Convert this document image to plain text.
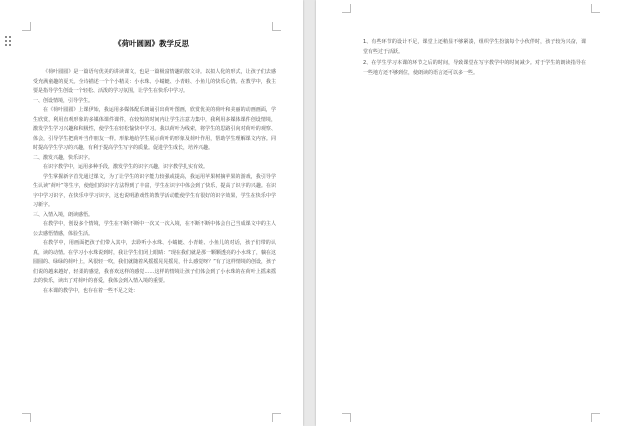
《荷叶圆圆》教学反思

《荷叶圆圆》是一篇语句优美的讲读课文，也是一篇极富情趣的散文诗。以拟人化的形式，让孩子们去感受充满童趣的夏天。全诗描述一个个小精灵：小水珠、小蜻蜓、小青蛙、小鱼儿的快乐心情。在教学中，我主要是指导学生创设一个轻松、活泼的学习氛围，让学生在快乐中学习。

一、创设情境，引导学生。

在《荷叶圆圆》上课伊始，我运用多媒体配乐朗诵引出荷叶图画，欣赏优美的荷叶和美丽的动画画面，学生欣赏，利用直观形象的多媒体课件课件，在较短的时间内让学生注意力集中，我利用多媒体课件创设情境，激发学生学习兴趣和积极性，使学生在轻松愉快中学习。我以荷叶为线索，将学生的思路引向对荷叶的观察、体会，引导学生把荷叶当作朋友一样。形象地给学生展示荷叶的形象及荷叶作用，帮助学生理解课文内容。同时提高学生学习的兴趣，有利于提高学生写字的质量。促进学生成长，培养兴趣。

二、激发兴趣，快乐识字。

在识字教学中，运用多种手段，激发学生的识字兴趣，识字教学扎实有效。

学生掌握新字首先通过课文，为了让学生的识字能力较强或提高，我运用苹果树摘苹果的游戏，我引导学生认读“荷叶”等生字，使他们的识字方法得到了丰富，学生在识字中体会到了快乐，提高了识字的兴趣。在识字中学习识字，在快乐中学习识字，这也说明游戏性的教学活动能使学生有很好的识字效果，学生在快乐中学习新字。

三、入情入境，朗读感悟。

在教学中，创设多个情境，学生在不断不断中一次又一次入境，在不断不断中体会自己当成课文中的主人公去感悟情感，体验生活。

在教学中，用画面把孩子们带入其中，去聆听小水珠、小蜻蜓、小青蛙、小鱼儿的对话，孩子们带的认真，读的动情。在学习小水珠说到时，我让学生们闭上眼睛：“现在我们就是那一颗颗透亮的小水珠了，躺在这圆圆的、绿绿的荷叶上，风很轻一吹，我们就随着风摇摇晃晃摇晃，什么感觉呀？”有了这样情境的创设，孩子们说的越来越好，轻柔的感觉，我喜欢这样的感觉……这样的情境让孩子们体会到了小水珠的在荷叶上摇来摇去的快乐，读出了对荷叶的喜爱，我体会到入情入境的重要。

在本课的教学中，也存在着一些不足之处：

1、有些环节的设计不足，课堂上还稍显不够紧凑，组织学生扮演每个小伙伴时，孩子较为兴奋，课堂有些过于活跃。

2、在学生学习本课的环节之后的时间，导致课堂在写字教学中的时间减少。对于学生的朗读指导在一些地方还不够到位，使朗读的语言还可以多一些。
